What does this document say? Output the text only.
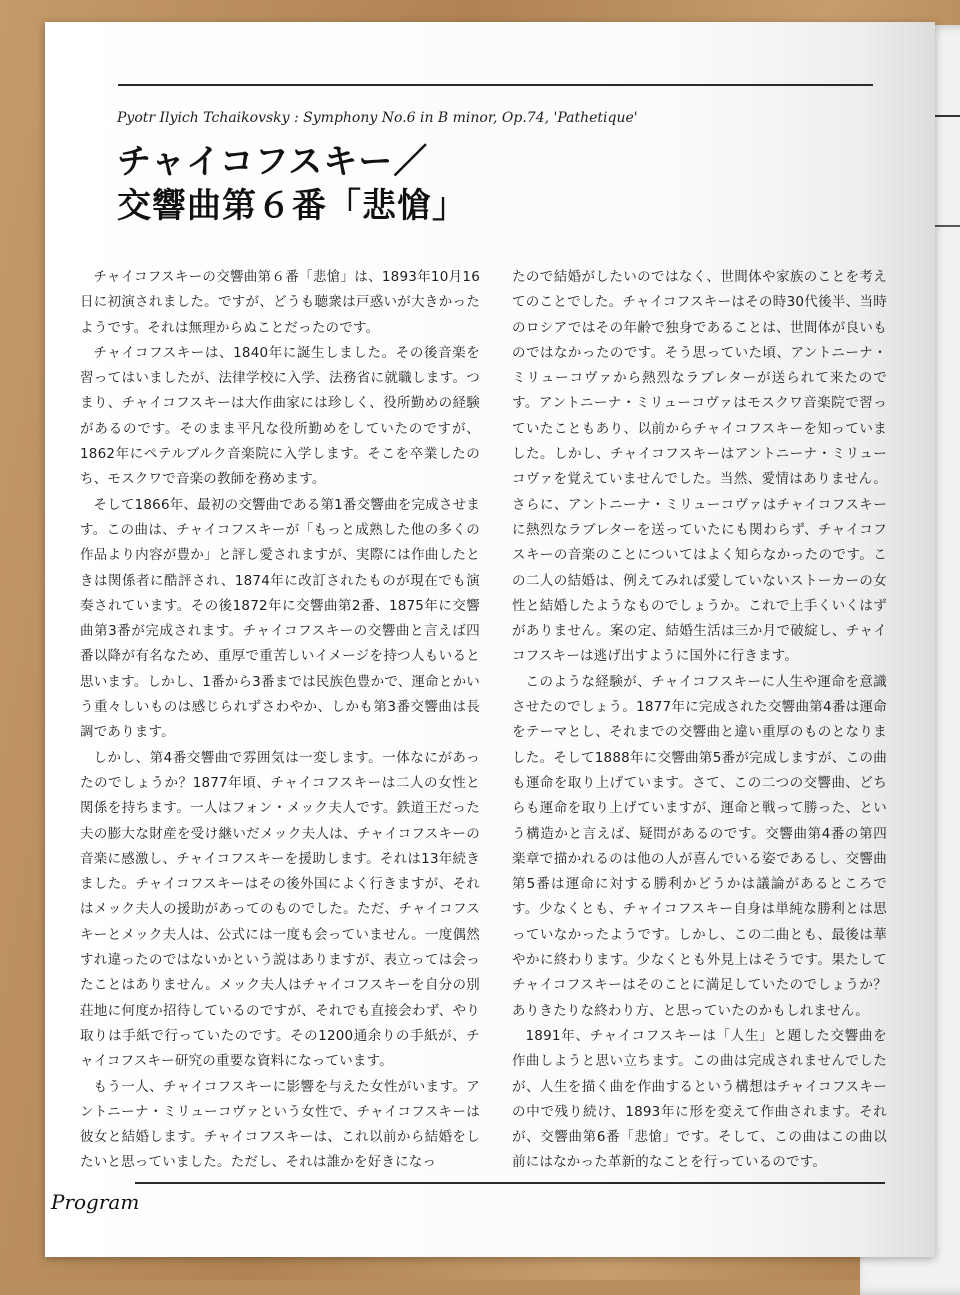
Pyotr Ilyich Tchaikovsky : Symphony No.6 in B minor, Op.74, 'Pathetique'
チャイコフスキー／
交響曲第６番「悲愴」

チャイコフスキーの交響曲第６番「悲愴」は、1893年10月16日に初演されました。ですが、どうも聴衆は戸惑いが大きかったようです。それは無理からぬことだったのです。

チャイコフスキーは、1840年に誕生しました。その後音楽を習ってはいましたが、法律学校に入学、法務省に就職します。つまり、チャイコフスキーは大作曲家には珍しく、役所勤めの経験があるのです。そのまま平凡な役所勤めをしていたのですが、1862年にペテルブルク音楽院に入学します。そこを卒業したのち、モスクワで音楽の教師を務めます。

そして1866年、最初の交響曲である第1番交響曲を完成させます。この曲は、チャイコフスキーが「もっと成熟した他の多くの作品より内容が豊か」と評し愛されますが、実際には作曲したときは関係者に酷評され、1874年に改訂されたものが現在でも演奏されています。その後1872年に交響曲第2番、1875年に交響曲第3番が完成されます。チャイコフスキーの交響曲と言えば四番以降が有名なため、重厚で重苦しいイメージを持つ人もいると思います。しかし、1番から3番までは民族色豊かで、運命とかいう重々しいものは感じられずさわやか、しかも第3番交響曲は長調であります。

しかし、第4番交響曲で雰囲気は一変します。一体なにがあったのでしょうか？1877年頃、チャイコフスキーは二人の女性と関係を持ちます。一人はフォン・メック夫人です。鉄道王だった夫の膨大な財産を受け継いだメック夫人は、チャイコフスキーの音楽に感激し、チャイコフスキーを援助します。それは13年続きました。チャイコフスキーはその後外国によく行きますが、それはメック夫人の援助があってのものでした。ただ、チャイコフスキーとメック夫人は、公式には一度も会っていません。一度偶然すれ違ったのではないかという説はありますが、表立っては会ったことはありません。メック夫人はチャイコフスキーを自分の別荘地に何度か招待しているのですが、それでも直接会わず、やり取りは手紙で行っていたのです。その1200通余りの手紙が、チャイコフスキー研究の重要な資料になっています。

もう一人、チャイコフスキーに影響を与えた女性がいます。アントニーナ・ミリューコヴァという女性で、チャイコフスキーは彼女と結婚します。チャイコフスキーは、これ以前から結婚をしたいと思っていました。ただし、それは誰かを好きになっ

たので結婚がしたいのではなく、世間体や家族のことを考えてのことでした。チャイコフスキーはその時30代後半、当時のロシアではその年齢で独身であることは、世間体が良いものではなかったのです。そう思っていた頃、アントニーナ・ミリューコヴァから熱烈なラブレターが送られて来たのです。アントニーナ・ミリューコヴァはモスクワ音楽院で習っていたこともあり、以前からチャイコフスキーを知っていました。しかし、チャイコフスキーはアントニーナ・ミリューコヴァを覚えていませんでした。当然、愛情はありません。さらに、アントニーナ・ミリューコヴァはチャイコフスキーに熱烈なラブレターを送っていたにも関わらず、チャイコフスキーの音楽のことについてはよく知らなかったのです。この二人の結婚は、例えてみれば愛していないストーカーの女性と結婚したようなものでしょうか。これで上手くいくはずがありません。案の定、結婚生活は三か月で破綻し、チャイコフスキーは逃げ出すように国外に行きます。

このような経験が、チャイコフスキーに人生や運命を意識させたのでしょう。1877年に完成された交響曲第4番は運命をテーマとし、それまでの交響曲と違い重厚のものとなりました。そして1888年に交響曲第5番が完成しますが、この曲も運命を取り上げています。さて、この二つの交響曲、どちらも運命を取り上げていますが、運命と戦って勝った、という構造かと言えば、疑問があるのです。交響曲第4番の第四楽章で描かれるのは他の人が喜んでいる姿であるし、交響曲第5番は運命に対する勝利かどうかは議論があるところです。少なくとも、チャイコフスキー自身は単純な勝利とは思っていなかったようです。しかし、この二曲とも、最後は華やかに終わります。少なくとも外見上はそうです。果たしてチャイコフスキーはそのことに満足していたのでしょうか？ありきたりな終わり方、と思っていたのかもしれません。

1891年、チャイコフスキーは「人生」と題した交響曲を作曲しようと思い立ちます。この曲は完成されませんでしたが、人生を描く曲を作曲するという構想はチャイコフスキーの中で残り続け、1893年に形を変えて作曲されます。それが、交響曲第6番「悲愴」です。そして、この曲はこの曲以前にはなかった革新的なことを行っているのです。

Program
